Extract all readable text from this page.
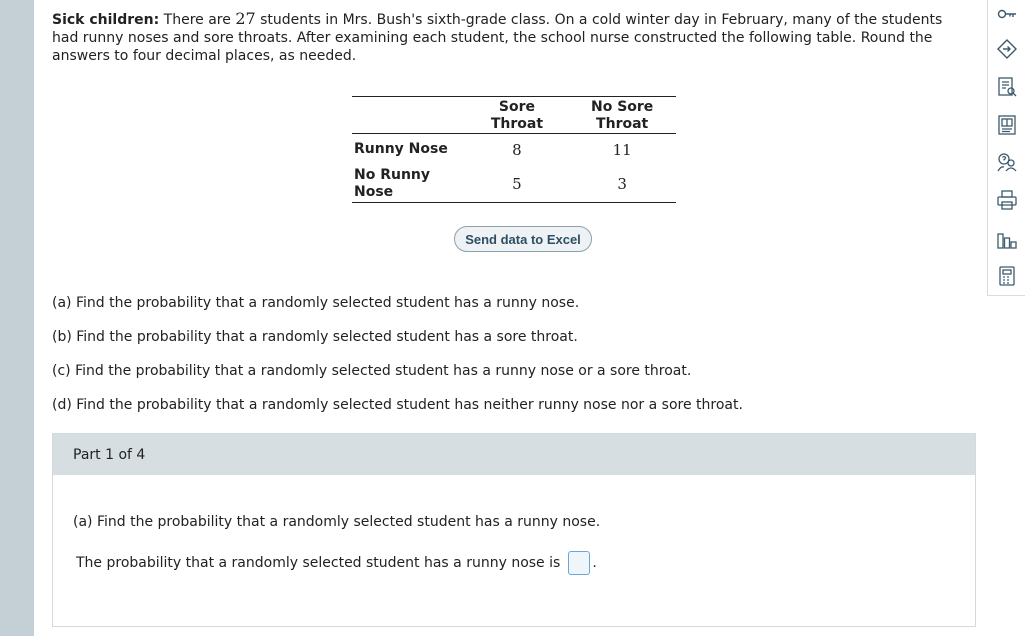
Sick children: There are 27 students in Mrs. Bush's sixth-grade class. On a cold winter day in February, many of the students had runny noses and sore throats. After examining each student, the school nurse constructed the following table. Round the answers to four decimal places, as needed.

	Sore Throat	No Sore Throat

Runny Nose	8	11

No Runny Nose	5	3
Send data to Excel

(a) Find the probability that a randomly selected student has a runny nose.

(b) Find the probability that a randomly selected student has a sore throat.

(c) Find the probability that a randomly selected student has a runny nose or a sore throat.

(d) Find the probability that a randomly selected student has neither runny nose nor a sore throat.

Part 1 of 4
(a) Find the probability that a randomly selected student has a runny nose.
The probability that a randomly selected student has a runny nose is .
